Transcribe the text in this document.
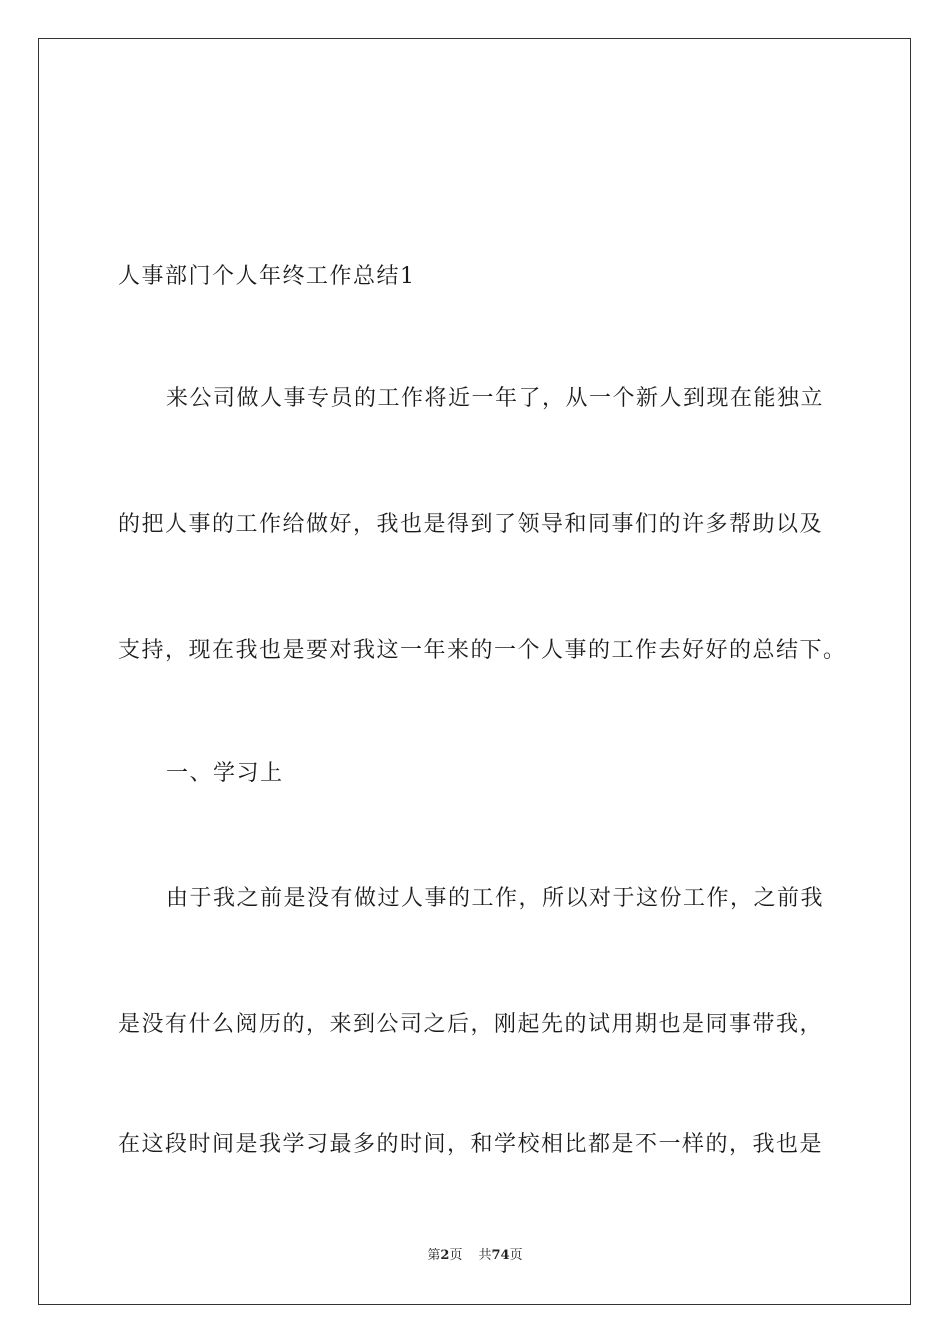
人事部门个人年终工作总结1
来公司做人事专员的工作将近一年了，从一个新人到现在能独立
的把人事的工作给做好，我也是得到了领导和同事们的许多帮助以及
支持，现在我也是要对我这一年来的一个人事的工作去好好的总结下。
一、学习上
由于我之前是没有做过人事的工作，所以对于这份工作，之前我
是没有什么阅历的，来到公司之后，刚起先的试用期也是同事带我，
在这段时间是我学习最多的时间，和学校相比都是不一样的，我也是
第2页 共74页
